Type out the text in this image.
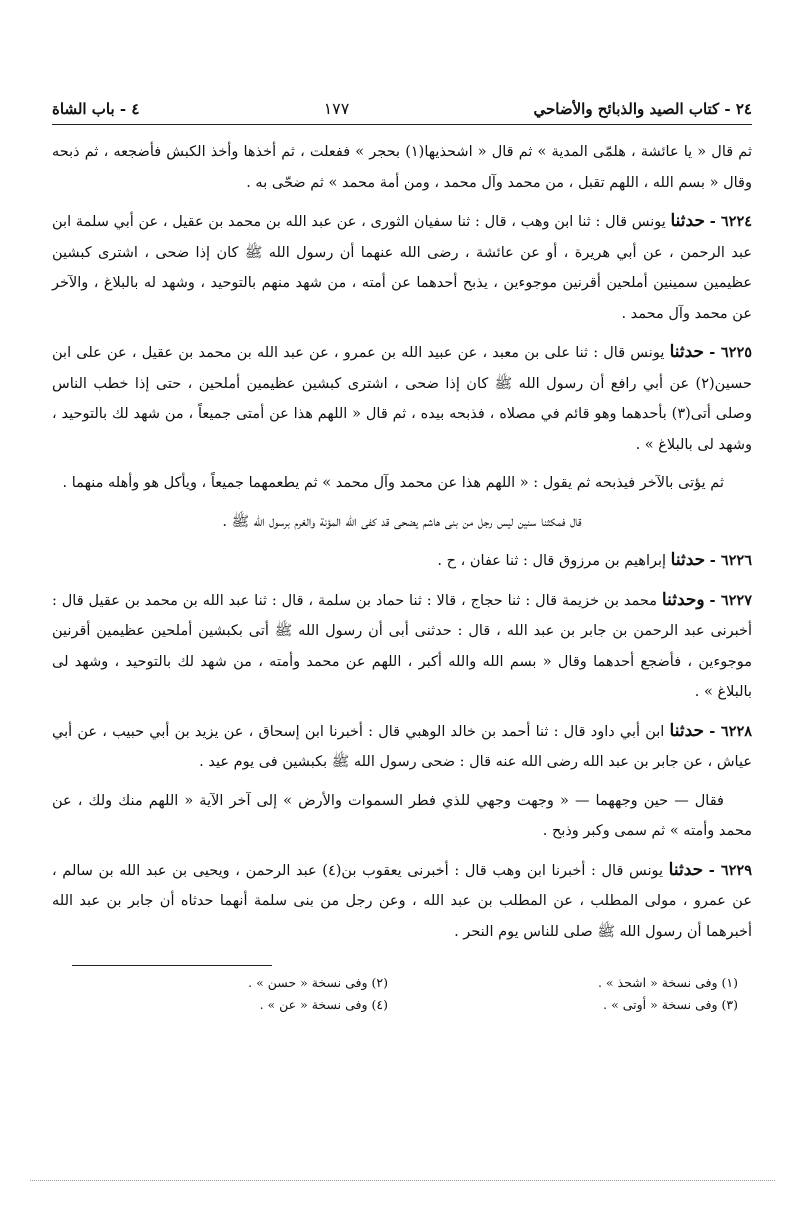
٢٤ - كتاب الصيد والذبائح والأضاحي
١٧٧
٤ - باب الشاة

ثم قال « يا عائشة ، هلمّى المدية » ثم قال « اشحذيها(١) بحجر » ففعلت ، ثم أخذها وأخذ الكبش فأضجعه ، ثم ذبحه وقال « بسم الله ، اللهم تقبل ، من محمد وآل محمد ، ومن أمة محمد » ثم ضحّى به .

٦٢٢٤ - حدثنا يونس قال : ثنا ابن وهب ، قال : ثنا سفيان الثورى ، عن عبد الله بن محمد بن عقيل ، عن أبي سلمة ابن عبد الرحمن ، عن أبي هريرة ، أو عن عائشة ، رضى الله عنهما أن رسول الله ﷺ كان إذا ضحى ، اشترى كبشين عظيمين سمينين أملحين أقرنين موجوءين ، يذبح أحدهما عن أمته ، من شهد منهم بالتوحيد ، وشهد له بالبلاغ ، والآخر عن محمد وآل محمد .

٦٢٢٥ - حدثنا يونس قال : ثنا على بن معبد ، عن عبيد الله بن عمرو ، عن عبد الله بن محمد بن عقيل ، عن على ابن حسين(٢) عن أبي رافع أن رسول الله ﷺ كان إذا ضحى ، اشترى كبشين عظيمين أملحين ، حتى إذا خطب الناس وصلى أتى(٣) بأحدهما وهو قائم في مصلاه ، فذبحه بيده ، ثم قال « اللهم هذا عن أمتى جميعاً ، من شهد لك بالتوحيد ، وشهد لى بالبلاغ » .

ثم يؤتى بالآخر فيذبحه ثم يقول : « اللهم هذا عن محمد وآل محمد » ثم يطعمهما جميعاً ، ويأكل هو وأهله منهما .

قال فمكثنا سنين ليس رجل من بنى هاشم يضحى قد كفى الله المؤنة والغرم برسول الله ﷺ .

٦٢٢٦ - حدثنا إبراهيم بن مرزوق قال : ثنا عفان ، ح .

٦٢٢٧ - وحدثنا محمد بن خزيمة قال : ثنا حجاج ، قالا : ثنا حماد بن سلمة ، قال : ثنا عبد الله بن محمد بن عقيل قال : أخبرنى عبد الرحمن بن جابر بن عبد الله ، قال : حدثنى أبى أن رسول الله ﷺ أتى بكبشين أملحين عظيمين أقرنين موجوءين ، فأضجع أحدهما وقال « بسم الله والله أكبر ، اللهم عن محمد وأمته ، من شهد لك بالتوحيد ، وشهد لى بالبلاغ » .

٦٢٢٨ - حدثنا ابن أبي داود قال : ثنا أحمد بن خالد الوهبي قال : أخبرنا ابن إسحاق ، عن يزيد بن أبي حبيب ، عن أبي عياش ، عن جابر بن عبد الله رضى الله عنه قال : ضحى رسول الله ﷺ بكبشين فى يوم عيد .

فقال — حين وجههما — « وجهت وجهي للذي فطر السموات والأرض » إلى آخر الآية « اللهم منك ولك ، عن محمد وأمته » ثم سمى وكبر وذبح .

٦٢٢٩ - حدثنا يونس قال : أخبرنا ابن وهب قال : أخبرنى يعقوب بن(٤) عبد الرحمن ، ويحيى بن عبد الله بن سالم ، عن عمرو ، مولى المطلب ، عن المطلب بن عبد الله ، وعن رجل من بنى سلمة أنهما حدثاه أن جابر بن عبد الله أخبرهما أن رسول الله ﷺ صلى للناس يوم النحر .

(١) وفى نسخة « اشحذ » .
(٢) وفى نسخة « حسن » .
(٣) وفى نسخة « أوتى » .
(٤) وفى نسخة « عن » .
